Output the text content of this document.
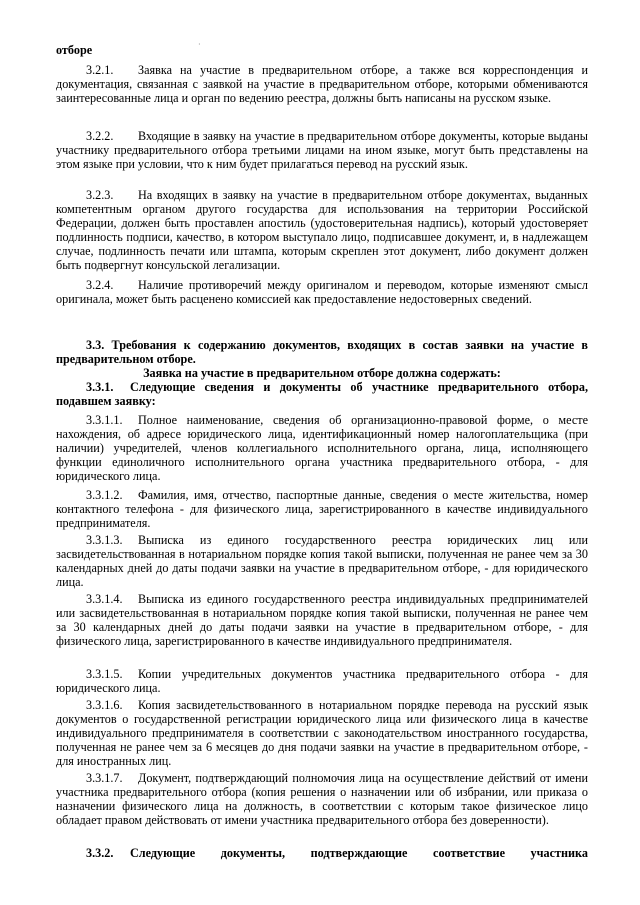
·
отборе

3.2.1. Заявка на участие в предварительном отборе, а также вся корреспонденция и документация, связанная с заявкой на участие в предварительном отборе, которыми обмениваются заинтересованные лица и орган по ведению реестра, должны быть написаны на русском языке.

3.2.2. Входящие в заявку на участие в предварительном отборе документы, которые выданы участнику предварительного отбора третьими лицами на ином языке, могут быть представлены на этом языке при условии, что к ним будет прилагаться перевод на русский язык.

3.2.3. На входящих в заявку на участие в предварительном отборе документах, выданных компетентным органом другого государства для использования на территории Российской Федерации, должен быть проставлен апостиль (удостоверительная надпись), который удостоверяет подлинность подписи, качество, в котором выступало лицо, подписавшее документ, и, в надлежащем случае, подлинность печати или штампа, которым скреплен этот документ, либо документ должен быть подвергнут консульской легализации.

3.2.4. Наличие противоречий между оригиналом и переводом, которые изменяют смысл оригинала, может быть расценено комиссией как предоставление недостоверных сведений.

3.3. Требования к содержанию документов, входящих в состав заявки на участие в предварительном отборе.

Заявка на участие в предварительном отборе должна содержать:

3.3.1. Следующие сведения и документы об участнике предварительного отбора, подавшем заявку:

3.3.1.1. Полное наименование, сведения об организационно-правовой форме, о месте нахождения, об адресе юридического лица, идентификационный номер налогоплательщика (при наличии) учредителей, членов коллегиального исполнительного органа, лица, исполняющего функции единоличного исполнительного органа участника предварительного отбора, - для юридического лица.

3.3.1.2. Фамилия, имя, отчество, паспортные данные, сведения о месте жительства, номер контактного телефона - для физического лица, зарегистрированного в качестве индивидуального предпринимателя.

3.3.1.3. Выписка из единого государственного реестра юридических лиц или засвидетельствованная в нотариальном порядке копия такой выписки, полученная не ранее чем за 30 календарных дней до даты подачи заявки на участие в предварительном отборе, - для юридического лица.

3.3.1.4. Выписка из единого государственного реестра индивидуальных предпринимателей или засвидетельствованная в нотариальном порядке копия такой выписки, полученная не ранее чем за 30 календарных дней до даты подачи заявки на участие в предварительном отборе, - для физического лица, зарегистрированного в качестве индивидуального предпринимателя.

3.3.1.5. Копии учредительных документов участника предварительного отбора - для юридического лица.

3.3.1.6. Копия засвидетельствованного в нотариальном порядке перевода на русский язык документов о государственной регистрации юридического лица или физического лица в качестве индивидуального предпринимателя в соответствии с законодательством иностранного государства, полученная не ранее чем за 6 месяцев до дня подачи заявки на участие в предварительном отборе, - для иностранных лиц.

3.3.1.7. Документ, подтверждающий полномочия лица на осуществление действий от имени участника предварительного отбора (копия решения о назначении или об избрании, или приказа о назначении физического лица на должность, в соответствии с которым такое физическое лицо обладает правом действовать от имени участника предварительного отбора без доверенности).

3.3.2. Следующие документы, подтверждающие соответствие участника
